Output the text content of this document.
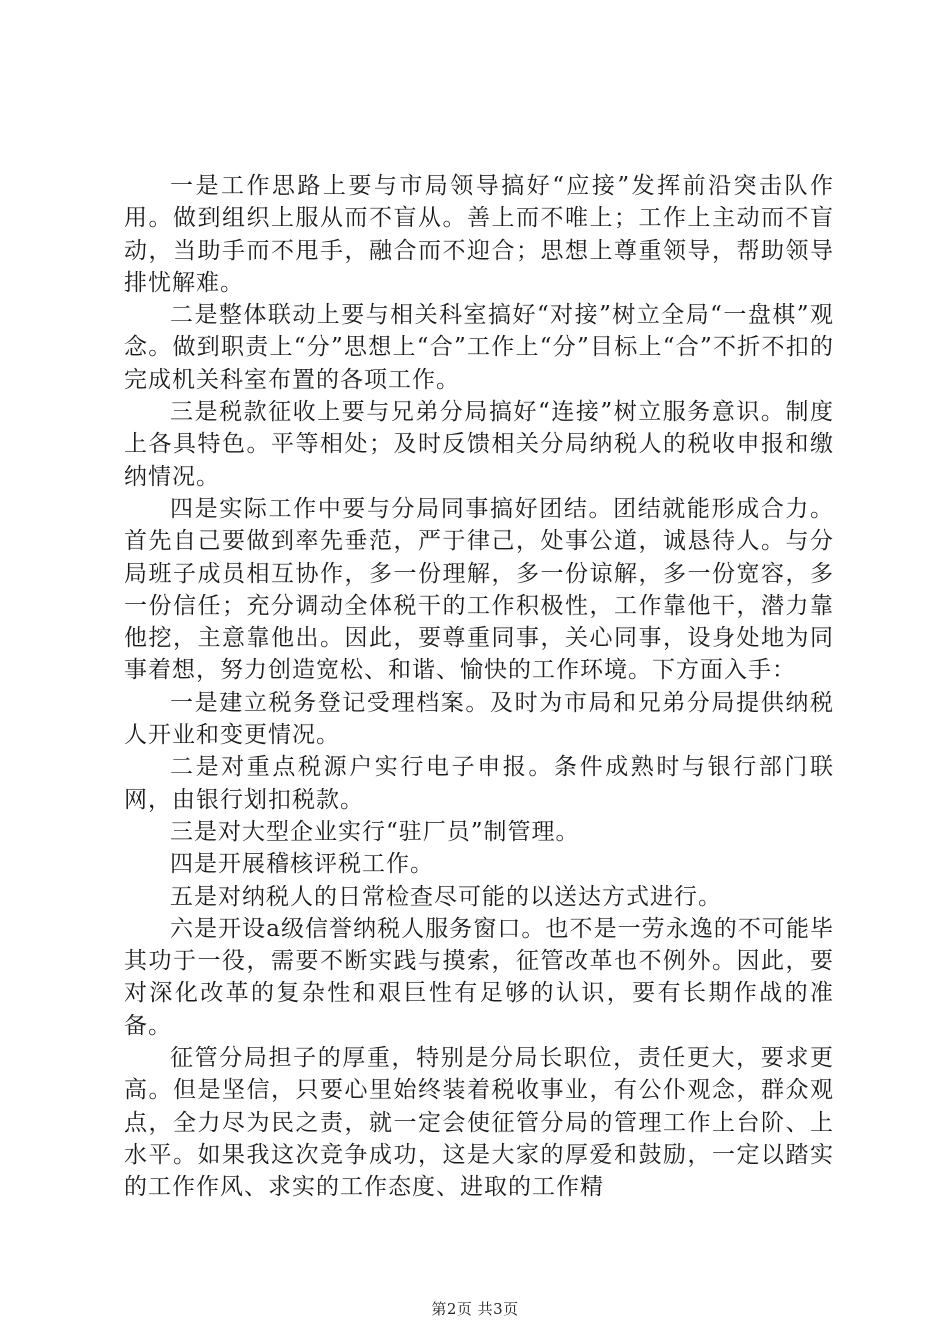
一是工作思路上要与市局领导搞好“应接”发挥前沿突击队作用。做到组织上服从而不盲从。善上而不唯上；工作上主动而不盲动，当助手而不甩手，融合而不迎合；思想上尊重领导，帮助领导排忧解难。

二是整体联动上要与相关科室搞好“对接”树立全局“一盘棋”观念。做到职责上“分”思想上“合”工作上“分”目标上“合”不折不扣的完成机关科室布置的各项工作。

三是税款征收上要与兄弟分局搞好“连接”树立服务意识。制度上各具特色。平等相处；及时反馈相关分局纳税人的税收申报和缴纳情况。

四是实际工作中要与分局同事搞好团结。团结就能形成合力。首先自己要做到率先垂范，严于律己，处事公道，诚恳待人。与分局班子成员相互协作，多一份理解，多一份谅解，多一份宽容，多一份信任；充分调动全体税干的工作积极性，工作靠他干，潜力靠他挖，主意靠他出。因此，要尊重同事，关心同事，设身处地为同事着想，努力创造宽松、和谐、愉快的工作环境。下方面入手：

一是建立税务登记受理档案。及时为市局和兄弟分局提供纳税人开业和变更情况。

二是对重点税源户实行电子申报。条件成熟时与银行部门联网，由银行划扣税款。

三是对大型企业实行“驻厂员”制管理。

四是开展稽核评税工作。

五是对纳税人的日常检查尽可能的以送达方式进行。

六是开设a级信誉纳税人服务窗口。也不是一劳永逸的不可能毕其功于一役，需要不断实践与摸索，征管改革也不例外。因此，要对深化改革的复杂性和艰巨性有足够的认识，要有长期作战的准备。

征管分局担子的厚重，特别是分局长职位，责任更大，要求更高。但是坚信，只要心里始终装着税收事业，有公仆观念，群众观点，全力尽为民之责，就一定会使征管分局的管理工作上台阶、上水平。如果我这次竞争成功，这是大家的厚爱和鼓励，一定以踏实的工作作风、求实的工作态度、进取的工作精

第2页 共3页
